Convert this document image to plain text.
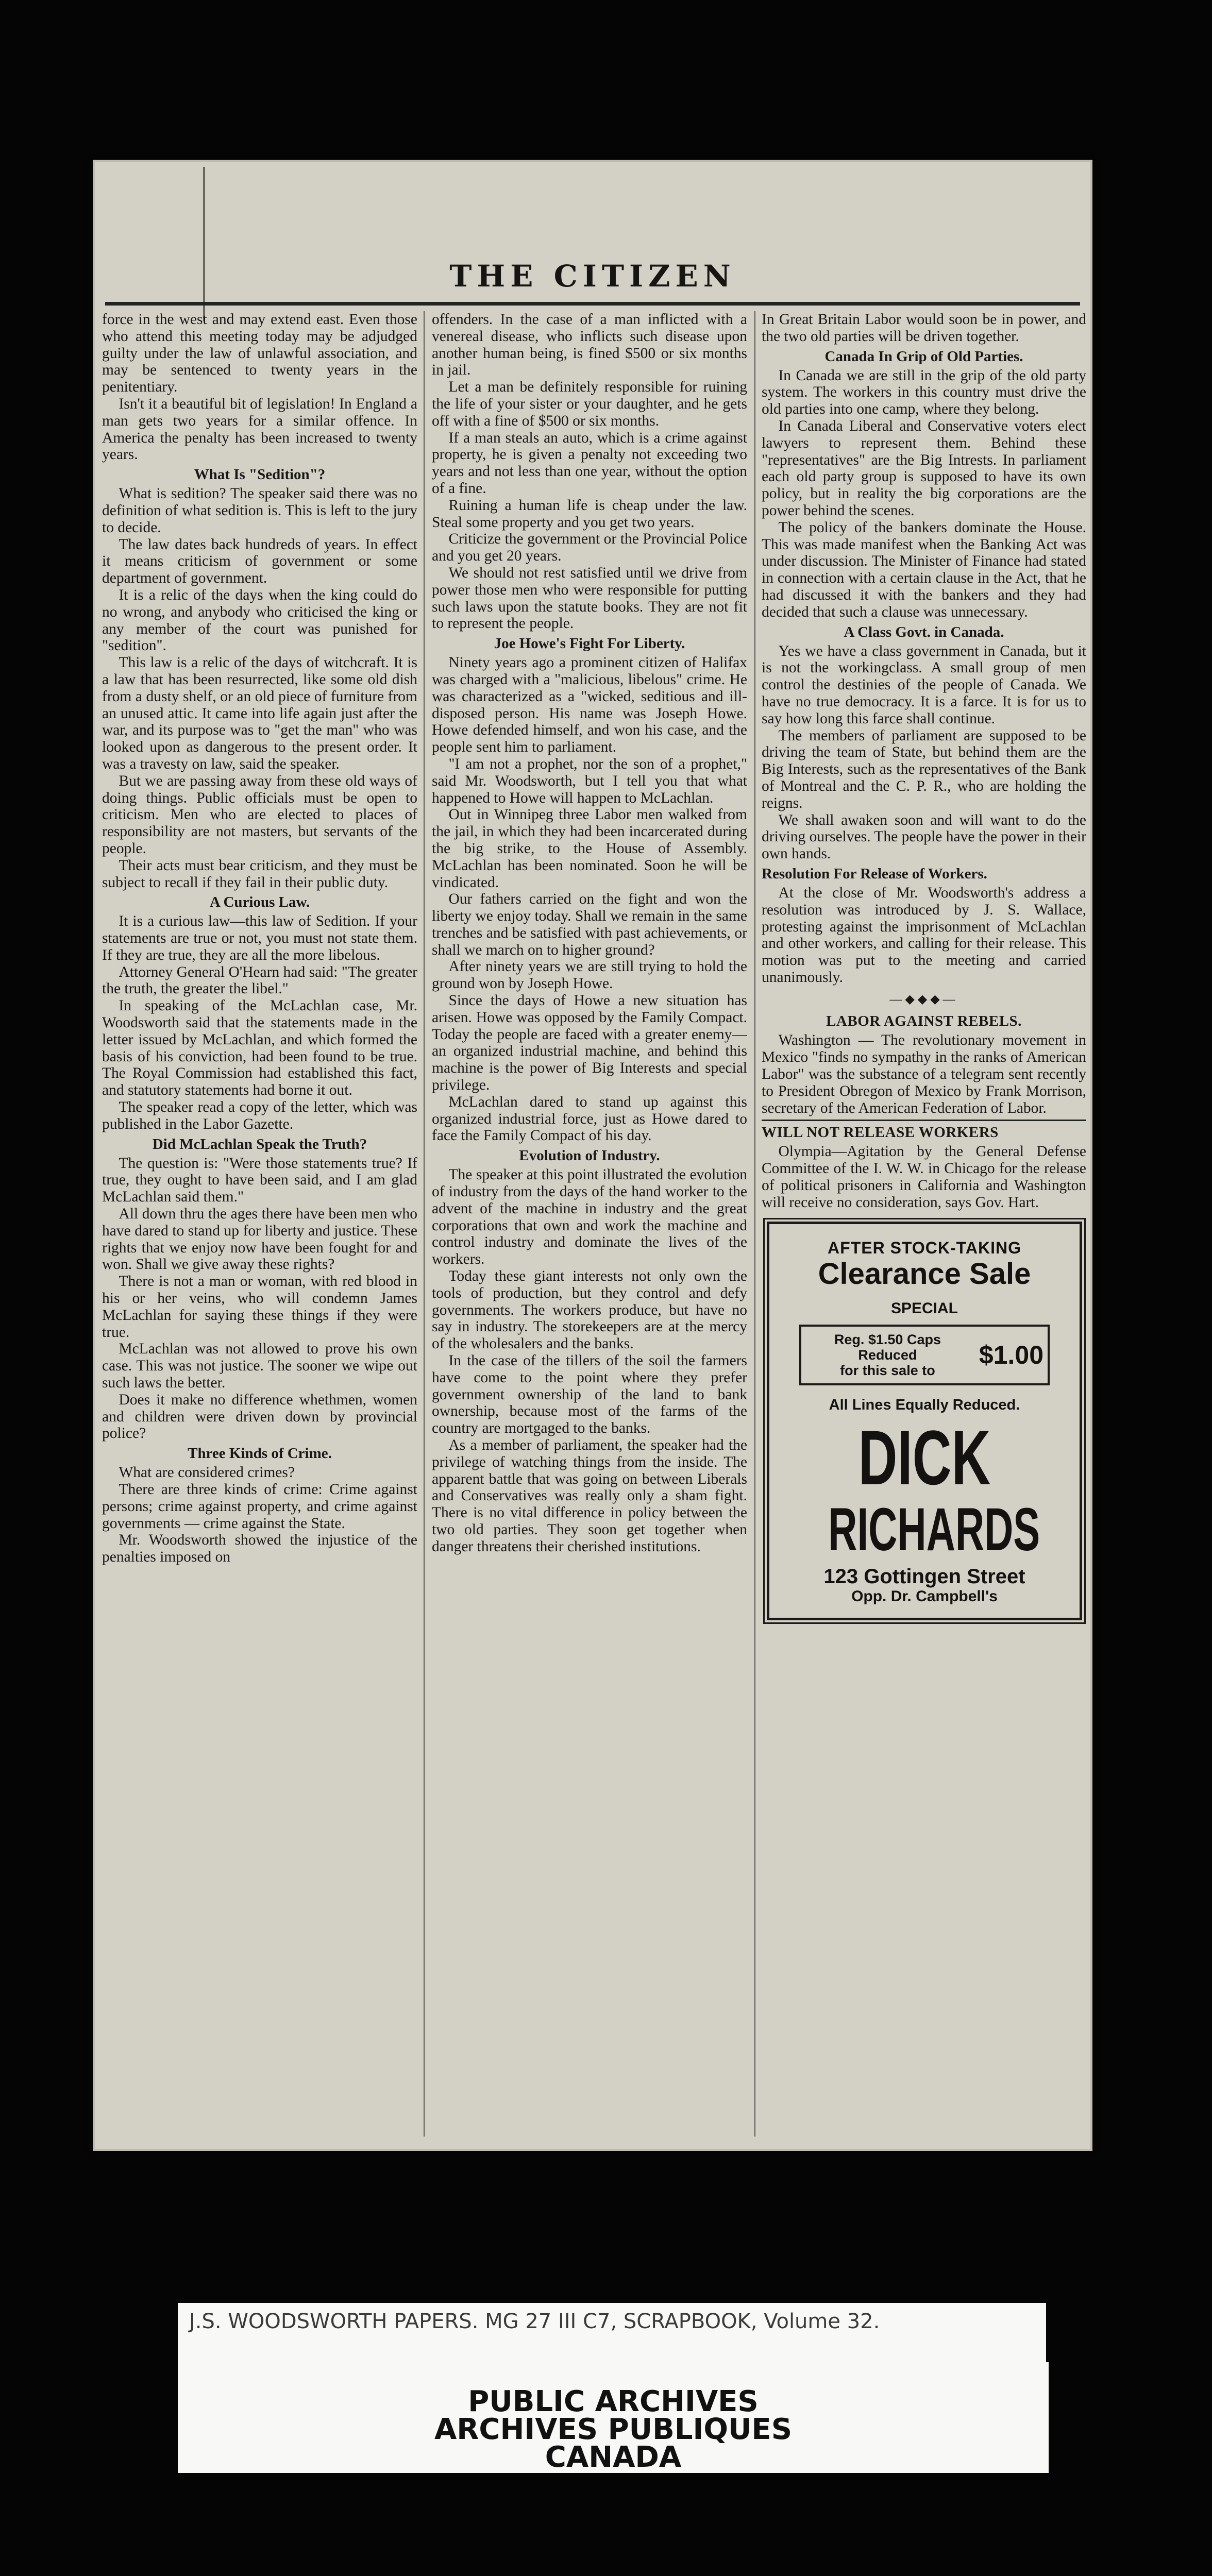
THE CITIZEN

force in the west and may extend east. Even those who attend this meeting today may be adjudged guilty under the law of unlawful association, and may be sentenced to twenty years in the penitentiary.

Isn't it a beautiful bit of legislation! In England a man gets two years for a similar offence. In America the penalty has been increased to twenty years.

What Is "Sedition"?

What is sedition? The speaker said there was no definition of what sedition is. This is left to the jury to decide.

The law dates back hundreds of years. In effect it means criticism of government or some department of government.

It is a relic of the days when the king could do no wrong, and anybody who criticised the king or any member of the court was punished for "sedition".

This law is a relic of the days of witchcraft. It is a law that has been resurrected, like some old dish from a dusty shelf, or an old piece of furniture from an unused attic. It came into life again just after the war, and its purpose was to "get the man" who was looked upon as dangerous to the present order. It was a travesty on law, said the speaker.

But we are passing away from these old ways of doing things. Public officials must be open to criticism. Men who are elected to places of responsibility are not masters, but servants of the people.

Their acts must bear criticism, and they must be subject to recall if they fail in their public duty.

A Curious Law.

It is a curious law—this law of Sedition. If your statements are true or not, you must not state them. If they are true, they are all the more libelous.

Attorney General O'Hearn had said: "The greater the truth, the greater the libel."

In speaking of the McLachlan case, Mr. Woodsworth said that the statements made in the letter issued by McLachlan, and which formed the basis of his conviction, had been found to be true. The Royal Commission had established this fact, and statutory statements had borne it out.

The speaker read a copy of the letter, which was published in the Labor Gazette.

Did McLachlan Speak the Truth?

The question is: "Were those statements true? If true, they ought to have been said, and I am glad McLachlan said them."

All down thru the ages there have been men who have dared to stand up for liberty and justice. These rights that we enjoy now have been fought for and won. Shall we give away these rights?

There is not a man or woman, with red blood in his or her veins, who will condemn James McLachlan for saying these things if they were true.

McLachlan was not allowed to prove his own case. This was not justice. The sooner we wipe out such laws the better.

Does it make no difference whethmen, women and children were driven down by provincial police?

Three Kinds of Crime.

What are considered crimes?

There are three kinds of crime: Crime against persons; crime against property, and crime against governments — crime against the State.

Mr. Woodsworth showed the injustice of the penalties imposed on

offenders. In the case of a man inflicted with a venereal disease, who inflicts such disease upon another human being, is fined $500 or six months in jail.

Let a man be definitely responsible for ruining the life of your sister or your daughter, and he gets off with a fine of $500 or six months.

If a man steals an auto, which is a crime against property, he is given a penalty not exceeding two years and not less than one year, without the option of a fine.

Ruining a human life is cheap under the law. Steal some property and you get two years.

Criticize the government or the Provincial Police and you get 20 years.

We should not rest satisfied until we drive from power those men who were responsible for putting such laws upon the statute books. They are not fit to represent the people.

Joe Howe's Fight For Liberty.

Ninety years ago a prominent citizen of Halifax was charged with a "malicious, libelous" crime. He was characterized as a "wicked, seditious and ill-disposed person. His name was Joseph Howe. Howe defended himself, and won his case, and the people sent him to parliament.

"I am not a prophet, nor the son of a prophet," said Mr. Woodsworth, but I tell you that what happened to Howe will happen to McLachlan.

Out in Winnipeg three Labor men walked from the jail, in which they had been incarcerated during the big strike, to the House of Assembly. McLachlan has been nominated. Soon he will be vindicated.

Our fathers carried on the fight and won the liberty we enjoy today. Shall we remain in the same trenches and be satisfied with past achievements, or shall we march on to higher ground?

After ninety years we are still trying to hold the ground won by Joseph Howe.

Since the days of Howe a new situation has arisen. Howe was opposed by the Family Compact. Today the people are faced with a greater enemy—an organized industrial machine, and behind this machine is the power of Big Interests and special privilege.

McLachlan dared to stand up against this organized industrial force, just as Howe dared to face the Family Compact of his day.

Evolution of Industry.

The speaker at this point illustrated the evolution of industry from the days of the hand worker to the advent of the machine in industry and the great corporations that own and work the machine and control industry and dominate the lives of the workers.

Today these giant interests not only own the tools of production, but they control and defy governments. The workers produce, but have no say in industry. The storekeepers are at the mercy of the wholesalers and the banks.

In the case of the tillers of the soil the farmers have come to the point where they prefer government ownership of the land to bank ownership, because most of the farms of the country are mortgaged to the banks.

As a member of parliament, the speaker had the privilege of watching things from the inside. The apparent battle that was going on between Liberals and Conservatives was really only a sham fight. There is no vital difference in policy between the two old parties. They soon get together when danger threatens their cherished institutions.

In Great Britain Labor would soon be in power, and the two old parties will be driven together.

Canada In Grip of Old Parties.

In Canada we are still in the grip of the old party system. The workers in this country must drive the old parties into one camp, where they belong.

In Canada Liberal and Conservative voters elect lawyers to represent them. Behind these "representatives" are the Big Intrests. In parliament each old party group is supposed to have its own policy, but in reality the big corporations are the power behind the scenes.

The policy of the bankers dominate the House. This was made manifest when the Banking Act was under discussion. The Minister of Finance had stated in connection with a certain clause in the Act, that he had discussed it with the bankers and they had decided that such a clause was unnecessary.

A Class Govt. in Canada.

Yes we have a class government in Canada, but it is not the workingclass. A small group of men control the destinies of the people of Canada. We have no true democracy. It is a farce. It is for us to say how long this farce shall continue.

The members of parliament are supposed to be driving the team of State, but behind them are the Big Interests, such as the representatives of the Bank of Montreal and the C. P. R., who are holding the reigns.

We shall awaken soon and will want to do the driving ourselves. The people have the power in their own hands.

Resolution For Release of Workers.

At the close of Mr. Woodsworth's address a resolution was introduced by J. S. Wallace, protesting against the imprisonment of McLachlan and other workers, and calling for their release. This motion was put to the meeting and carried unanimously.

—◆◆◆—
LABOR AGAINST REBELS.

Washington — The revolutionary movement in Mexico "finds no sympathy in the ranks of American Labor" was the substance of a telegram sent recently to President Obregon of Mexico by Frank Morrison, secretary of the American Federation of Labor.

WILL NOT RELEASE WORKERS

Olympia—Agitation by the General Defense Committee of the I. W. W. in Chicago for the release of political prisoners in California and Washington will receive no consideration, says Gov. Hart.

AFTER STOCK-TAKING
Clearance Sale
SPECIAL
Reg. $1.50 Caps Reduced
for this sale to
$1.00
All Lines Equally Reduced.
DICK
RICHARDS
123 Gottingen Street
Opp. Dr. Campbell's
J.S. WOODSWORTH PAPERS. MG 27 III C7, SCRAPBOOK, Volume 32.
PUBLIC ARCHIVES
ARCHIVES PUBLIQUES
CANADA
